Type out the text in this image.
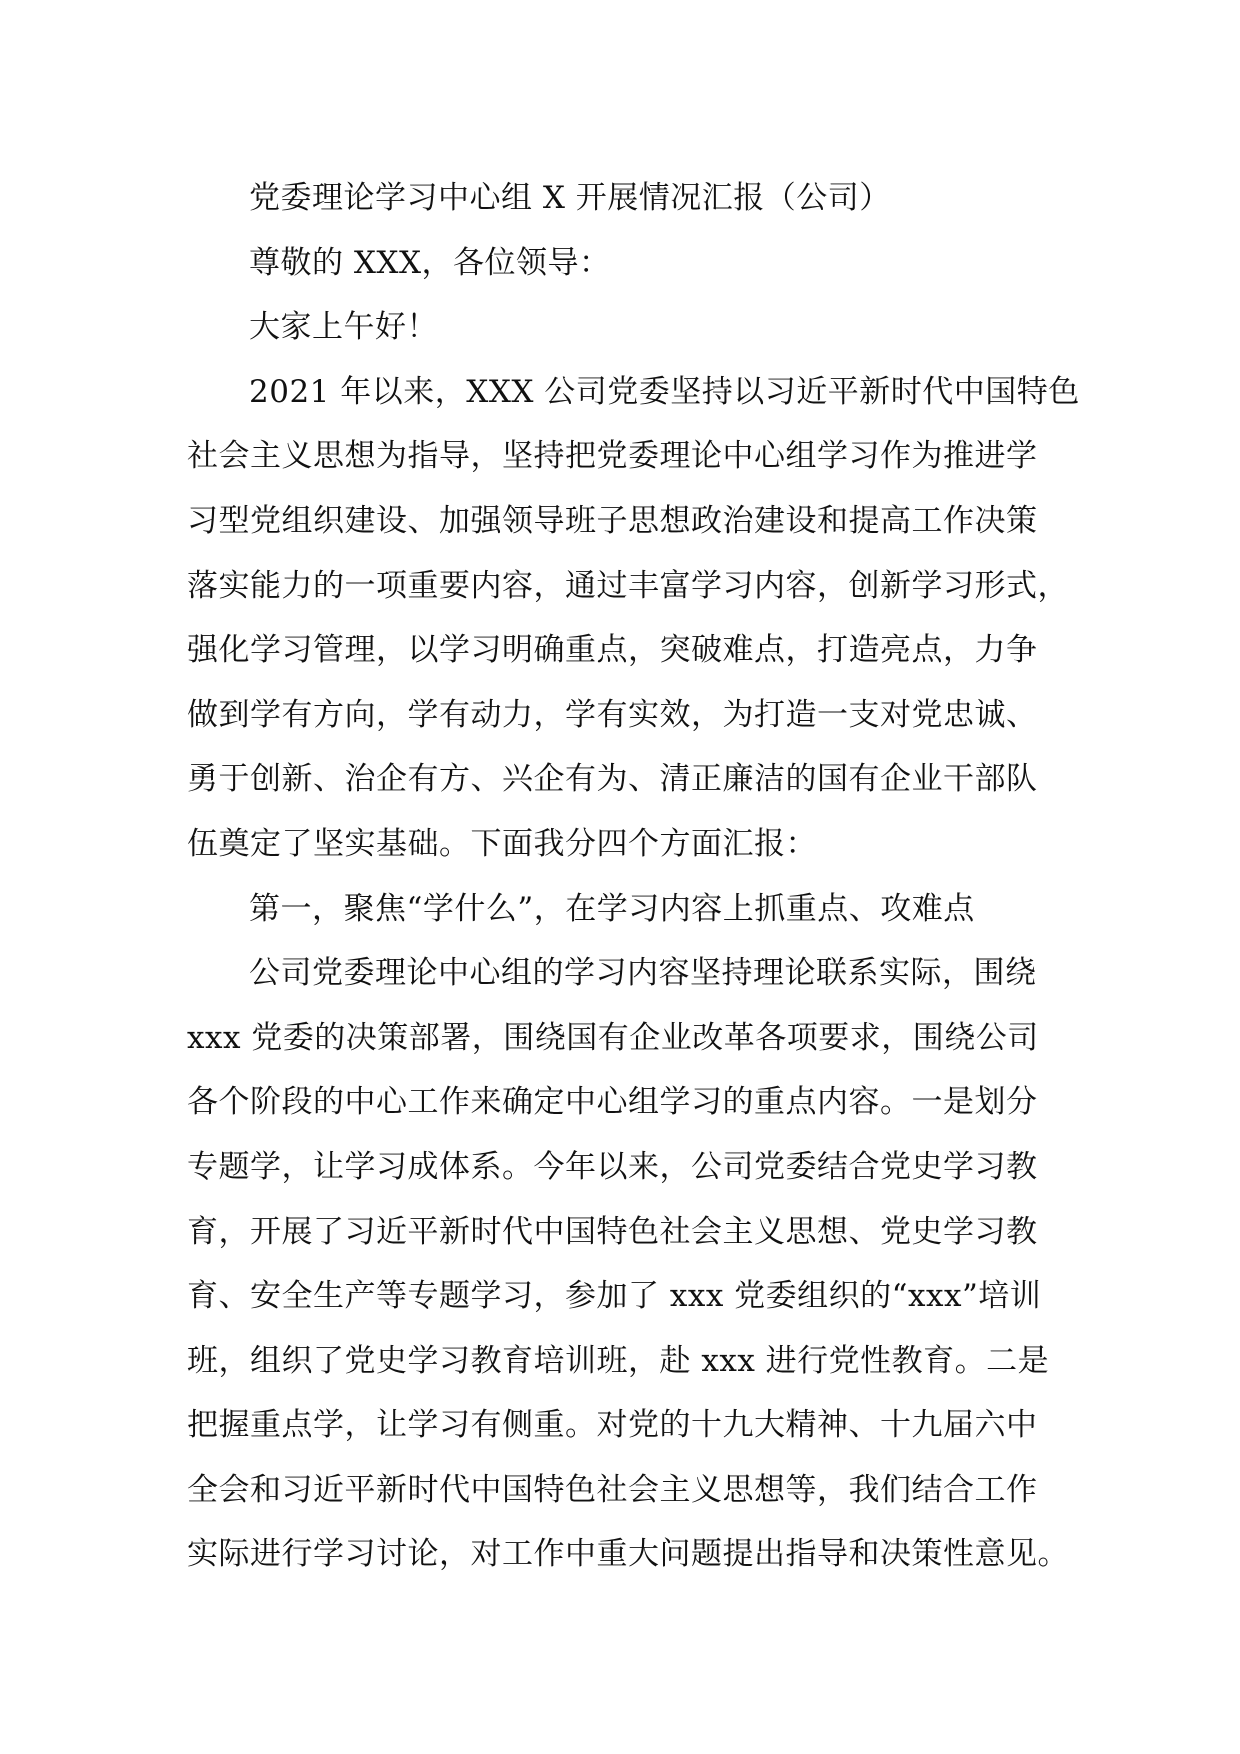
党委理论学习中心组 X 开展情况汇报（公司）

尊敬的 XXX，各位领导：

大家上午好！

2021 年以来，XXX 公司党委坚持以习近平新时代中国特色
社会主义思想为指导，坚持把党委理论中心组学习作为推进学
习型党组织建设、加强领导班子思想政治建设和提高工作决策
落实能力的一项重要内容，通过丰富学习内容，创新学习形式，
强化学习管理，以学习明确重点，突破难点，打造亮点，力争
做到学有方向，学有动力，学有实效，为打造一支对党忠诚、
勇于创新、治企有方、兴企有为、清正廉洁的国有企业干部队
伍奠定了坚实基础。下面我分四个方面汇报：

第一，聚焦“学什么”，在学习内容上抓重点、攻难点

公司党委理论中心组的学习内容坚持理论联系实际，围绕
xxx 党委的决策部署，围绕国有企业改革各项要求，围绕公司
各个阶段的中心工作来确定中心组学习的重点内容。一是划分
专题学，让学习成体系。今年以来，公司党委结合党史学习教
育，开展了习近平新时代中国特色社会主义思想、党史学习教
育、安全生产等专题学习，参加了 xxx 党委组织的“xxx”培训
班，组织了党史学习教育培训班，赴 xxx 进行党性教育。二是
把握重点学，让学习有侧重。对党的十九大精神、十九届六中
全会和习近平新时代中国特色社会主义思想等，我们结合工作
实际进行学习讨论，对工作中重大问题提出指导和决策性意见。
